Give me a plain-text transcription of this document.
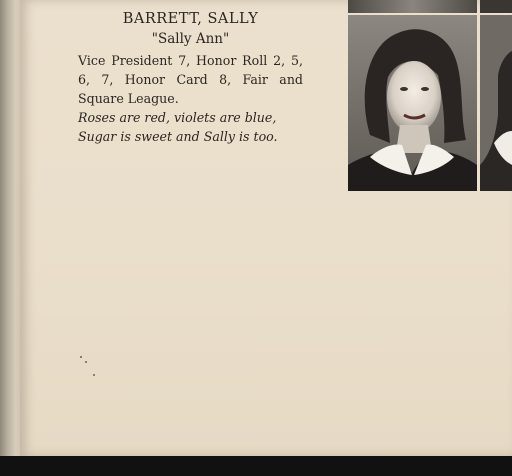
BARRETT, SALLY

"Sally Ann"

Vice President 7, Honor Roll 2, 5, 6, 7, Honor Card 8, Fair and Square League.

Roses are red, violets are blue,

Sugar is sweet and Sally is too.
